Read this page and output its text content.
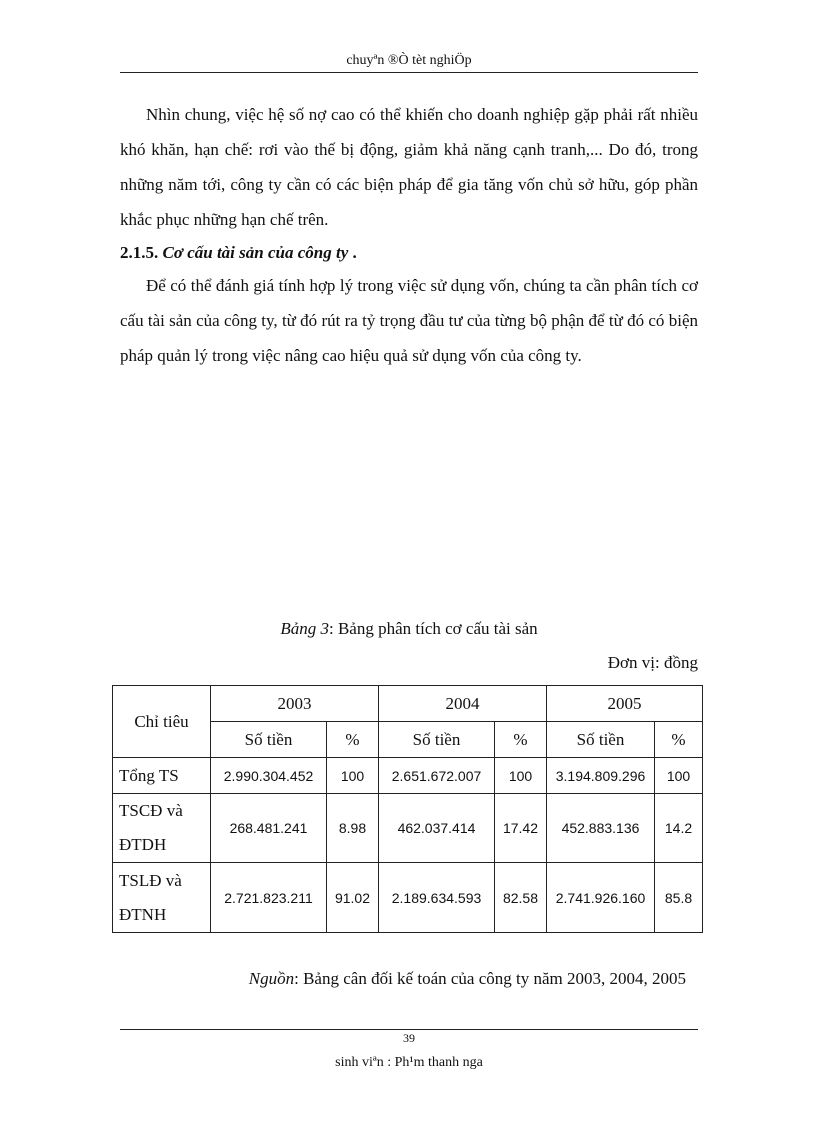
chuyªn ®Ò tèt nghiÖp

Nhìn chung, việc hệ số nợ cao có thể khiến cho doanh nghiệp gặp phải rất nhiều khó khăn, hạn chế: rơi vào thế bị động, giảm khả năng cạnh tranh,... Do đó, trong những năm tới, công ty cần có các biện pháp để gia tăng vốn chủ sở hữu, góp phần khắc phục những hạn chế trên.

2.1.5. Cơ cấu tài sản của công ty .

Để có thể đánh giá tính hợp lý trong việc sử dụng vốn, chúng ta cần phân tích cơ cấu tài sản của công ty, từ đó rút ra tỷ trọng đầu tư của từng bộ phận để từ đó có biện pháp quản lý trong việc nâng cao hiệu quả sử dụng vốn của công ty.

Bảng 3: Bảng phân tích cơ cấu tài sản
Đơn vị: đồng
Chỉ tiêu	2003		2004		2005	
	Số tiền	%	Số tiền	%	Số tiền	%
Tổng TS	2.990.304.452	100	2.651.672.007	100	3.194.809.296	100

TSCĐ và
ĐTDH	268.481.241	8.98	462.037.414	17.42	452.883.136	14.2

TSLĐ và
ĐTNH	2.721.823.211	91.02	2.189.634.593	82.58	2.741.926.160	85.8
Nguồn: Bảng cân đối kế toán của công ty năm 2003, 2004, 2005
39
sinh viªn : Ph¹m thanh nga
